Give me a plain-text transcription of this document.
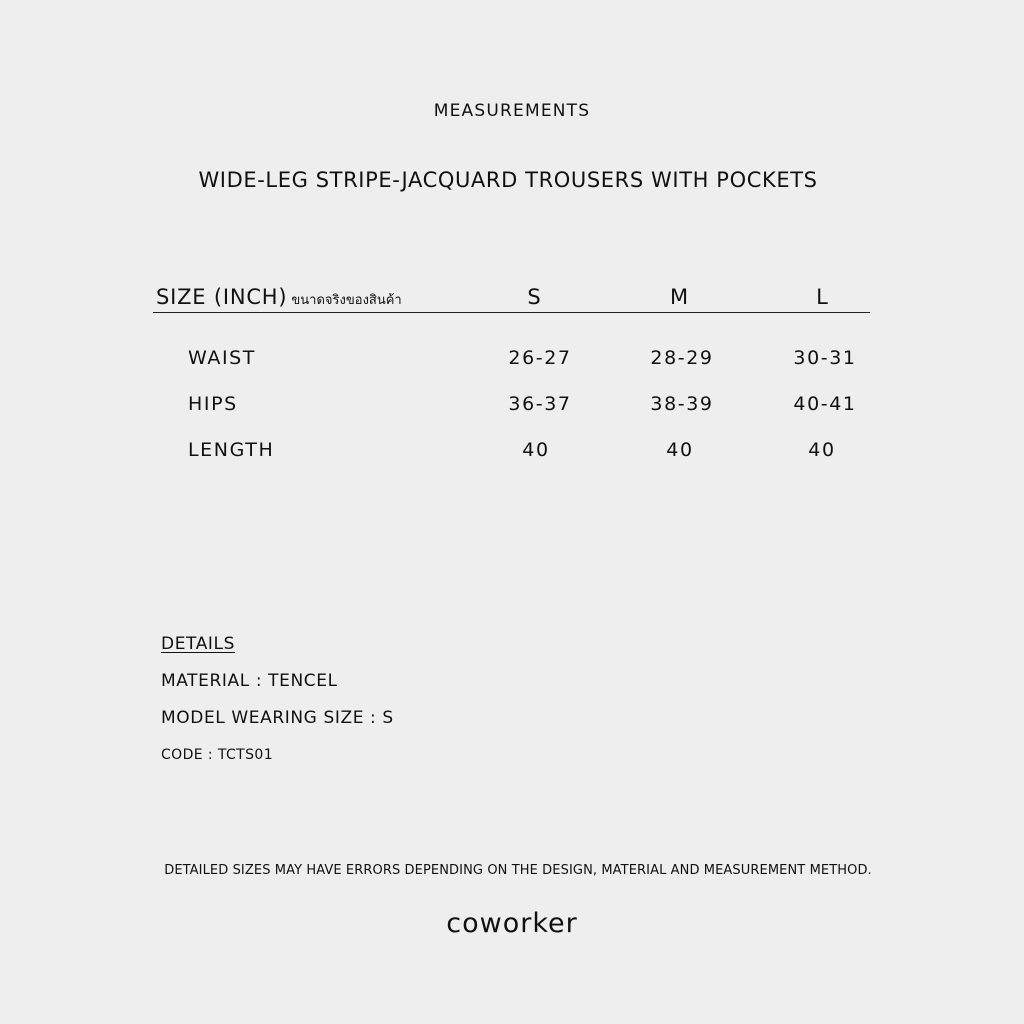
MEASUREMENTS
WIDE-LEG STRIPE-JACQUARD TROUSERS WITH POCKETS
SIZE (INCH) ขนาดจริงของสินค้า	S	M	L
WAIST	26-27	28-29	30-31
HIPS	36-37	38-39	40-41
LENGTH	40	40	40
DETAILS
MATERIAL : TENCEL
MODEL WEARING SIZE : S
CODE : TCTS01
DETAILED SIZES MAY HAVE ERRORS DEPENDING ON THE DESIGN, MATERIAL AND MEASUREMENT METHOD.
coworker
